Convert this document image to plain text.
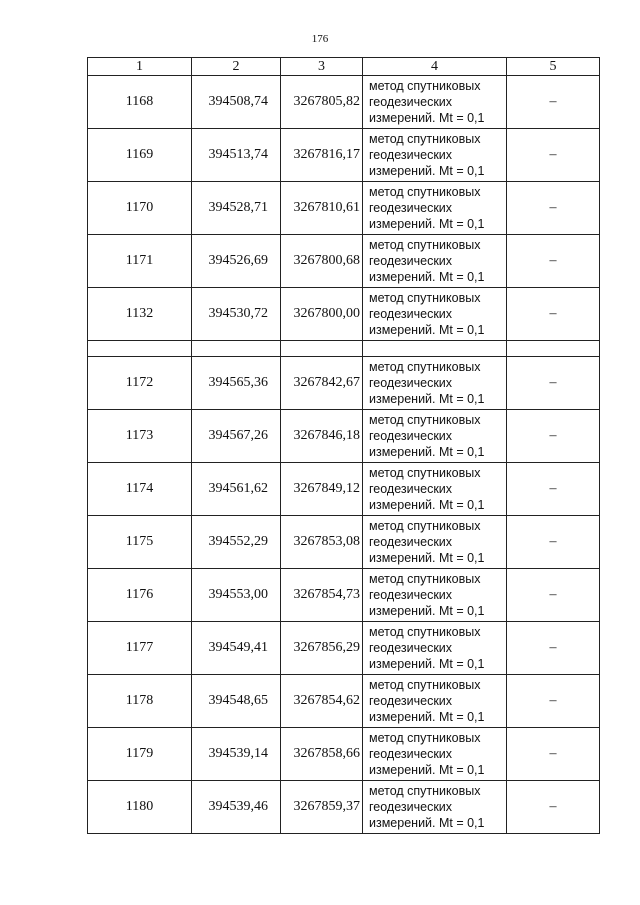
176
1	2	3	4	5
1168	394508,74	3267805,82	метод спутниковых
геодезических
измерений. Mt = 0,1	–
1169	394513,74	3267816,17	метод спутниковых
геодезических
измерений. Mt = 0,1	–
1170	394528,71	3267810,61	метод спутниковых
геодезических
измерений. Mt = 0,1	–
1171	394526,69	3267800,68	метод спутниковых
геодезических
измерений. Mt = 0,1	–
1132	394530,72	3267800,00	метод спутниковых
геодезических
измерений. Mt = 0,1	–

1172	394565,36	3267842,67	метод спутниковых
геодезических
измерений. Mt = 0,1	–
1173	394567,26	3267846,18	метод спутниковых
геодезических
измерений. Mt = 0,1	–
1174	394561,62	3267849,12	метод спутниковых
геодезических
измерений. Mt = 0,1	–
1175	394552,29	3267853,08	метод спутниковых
геодезических
измерений. Mt = 0,1	–
1176	394553,00	3267854,73	метод спутниковых
геодезических
измерений. Mt = 0,1	–
1177	394549,41	3267856,29	метод спутниковых
геодезических
измерений. Mt = 0,1	–
1178	394548,65	3267854,62	метод спутниковых
геодезических
измерений. Mt = 0,1	–
1179	394539,14	3267858,66	метод спутниковых
геодезических
измерений. Mt = 0,1	–
1180	394539,46	3267859,37	метод спутниковых
геодезических
измерений. Mt = 0,1	–
